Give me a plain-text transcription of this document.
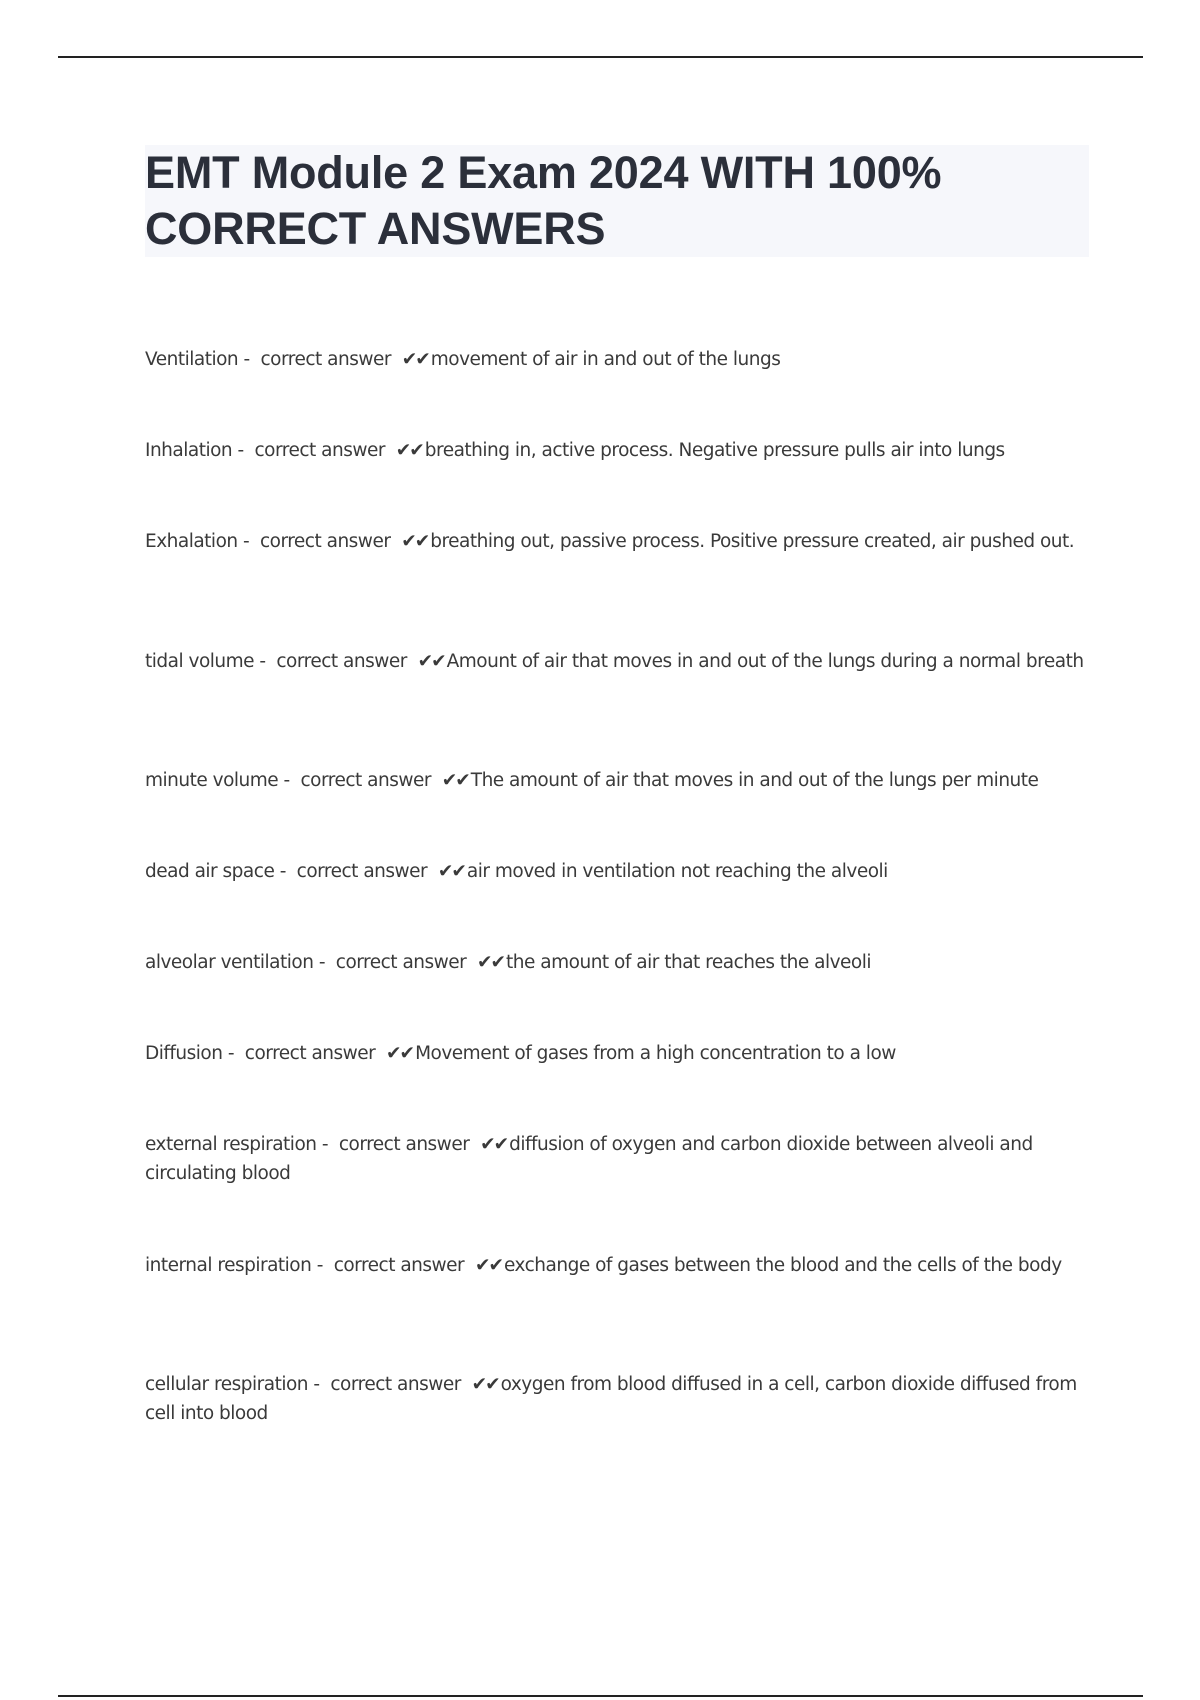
EMT Module 2 Exam 2024 WITH 100%
CORRECT ANSWERS
Ventilation -  correct answer ✔✔ movement of air in and out of the lungs
Inhalation -  correct answer ✔✔ breathing in, active process. Negative pressure pulls air into lungs
Exhalation -  correct answer ✔✔ breathing out, passive process. Positive pressure created, air pushed out.
tidal volume -  correct answer ✔✔ Amount of air that moves in and out of the lungs during a normal breath
minute volume -  correct answer ✔✔ The amount of air that moves in and out of the lungs per minute
dead air space -  correct answer ✔✔ air moved in ventilation not reaching the alveoli
alveolar ventilation -  correct answer ✔✔ the amount of air that reaches the alveoli
Diffusion -  correct answer ✔✔ Movement of gases from a high concentration to a low
external respiration -  correct answer ✔✔ diffusion of oxygen and carbon dioxide between alveoli and circulating blood
internal respiration -  correct answer ✔✔ exchange of gases between the blood and the cells of the body
cellular respiration -  correct answer ✔✔ oxygen from blood diffused in a cell, carbon dioxide diffused from cell into blood
